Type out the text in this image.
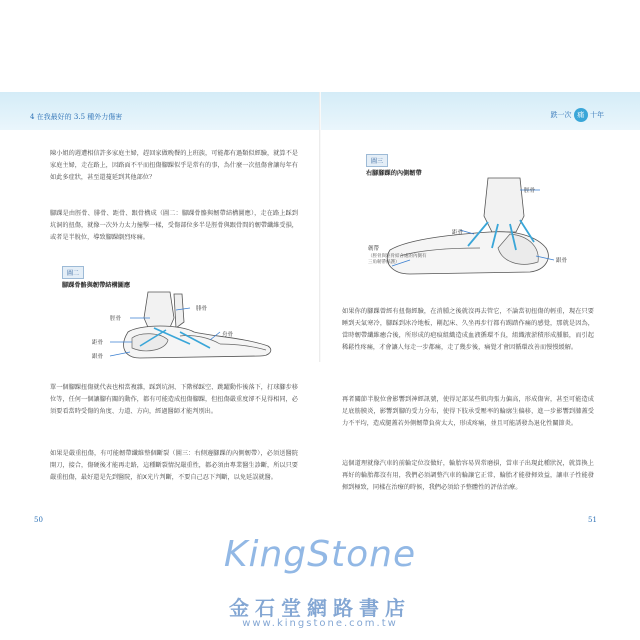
4 在我最好的 3.5 種外力傷害	跌一次 痛 十年

陳小姐的週遭相信許多家庭主婦，趕回家做晚餐的上班族，可能都有過類似經驗，就算不是家庭主婦，走在路上，因路面不平而扭傷腳踝似乎是常有的事，為什麼一次扭傷會讓每年有如此多症狀，甚至還蔓延到其他部位？

腳踝是由脛骨、腓骨、距骨、跟骨構成（圖二：腳踝骨骼與韌帶結構圖應），走在路上踩到坑洞的扭傷，就像一次外力太力撞擊一樣，受傷部位多半是脛骨與跟骨間的韌帶纖維受損，或者是半脫位，導致腳踝劇烈疼痛。

圖二
腳踝骨骼與韌帶結構圖應
脛骨
腓骨
距骨
跟骨
舟骨

單一個腳踝扭傷就代表也相當複雜，踩到坑洞、下階梯踩空、跳躍動作後落下，打球腳步移位等，任何一個讓腳有關的動作，都有可能造成扭傷腳踝，但扭傷嚴重度卻不見得相同，必須要看當時受傷的角度、力道、方向，經過醫師才能判別出。

如果是嚴重扭傷，有可能韌帶纖維整個斷裂（圖三：右側邊腳踝的內側韌帶），必須送醫院開刀，接合，傷硬後才能再走路，這種斷裂情況嚴重性，都必須由專業醫生診斷，所以只要嚴重扭傷，最好還是先到醫院，拍X光片判斷，不要自己忍下判斷，以免延誤就醫。

50
圖三
右腳腳踝的內側韌帶
脛骨
距骨
跟骨
韌帶
（脛骨與距骨結合處的內側有三角韌帶保護）

如果你的腳踝曾經有扭傷經驗，在消腫之後就沒再去管它，不論當初扭傷的輕重，現在只要睡到天氣寒冷，腳踩到冰冷地板，剛起床、久坐再步行都有踢踏作痛的感覺，那就是因為，當時韌帶纖維癒合後，所形成的疤痕組織造成血液循環不良，組織液淤積形成腫脹，而引起稀鬆性疼痛，才會讓人每走一步都痛，走了幾步後，痛覺才會因循環改善而慢慢緩解。

再者關節半脫位會影響到神經訊號，使得足部某些肌肉張力偏高，形成傷害，甚至可能造成足底筋膜炎，影響到腳的受力分布，使得下肢承受壓率的輪廓生偏移，進一步影響到膝蓋受力不平均，造成腿蓋若外側韌帶負荷太大，形成疼痛，並且可能誘發為退化性關節炎。

這個道理就像汽車的前輪定位沒做好，輪胎容易異常磨損，當車子出現此種狀況，就算換上再好的輪胎都沒有用，我們必須調整汽車的輪讓它正常，輪胎才能發揮效益，讓車子性能發揮到極致，同樣在治療的時候，我們必須給予整體性的評估治療。

51
KingStone
金石堂網路書店
www.kingstone.com.tw
